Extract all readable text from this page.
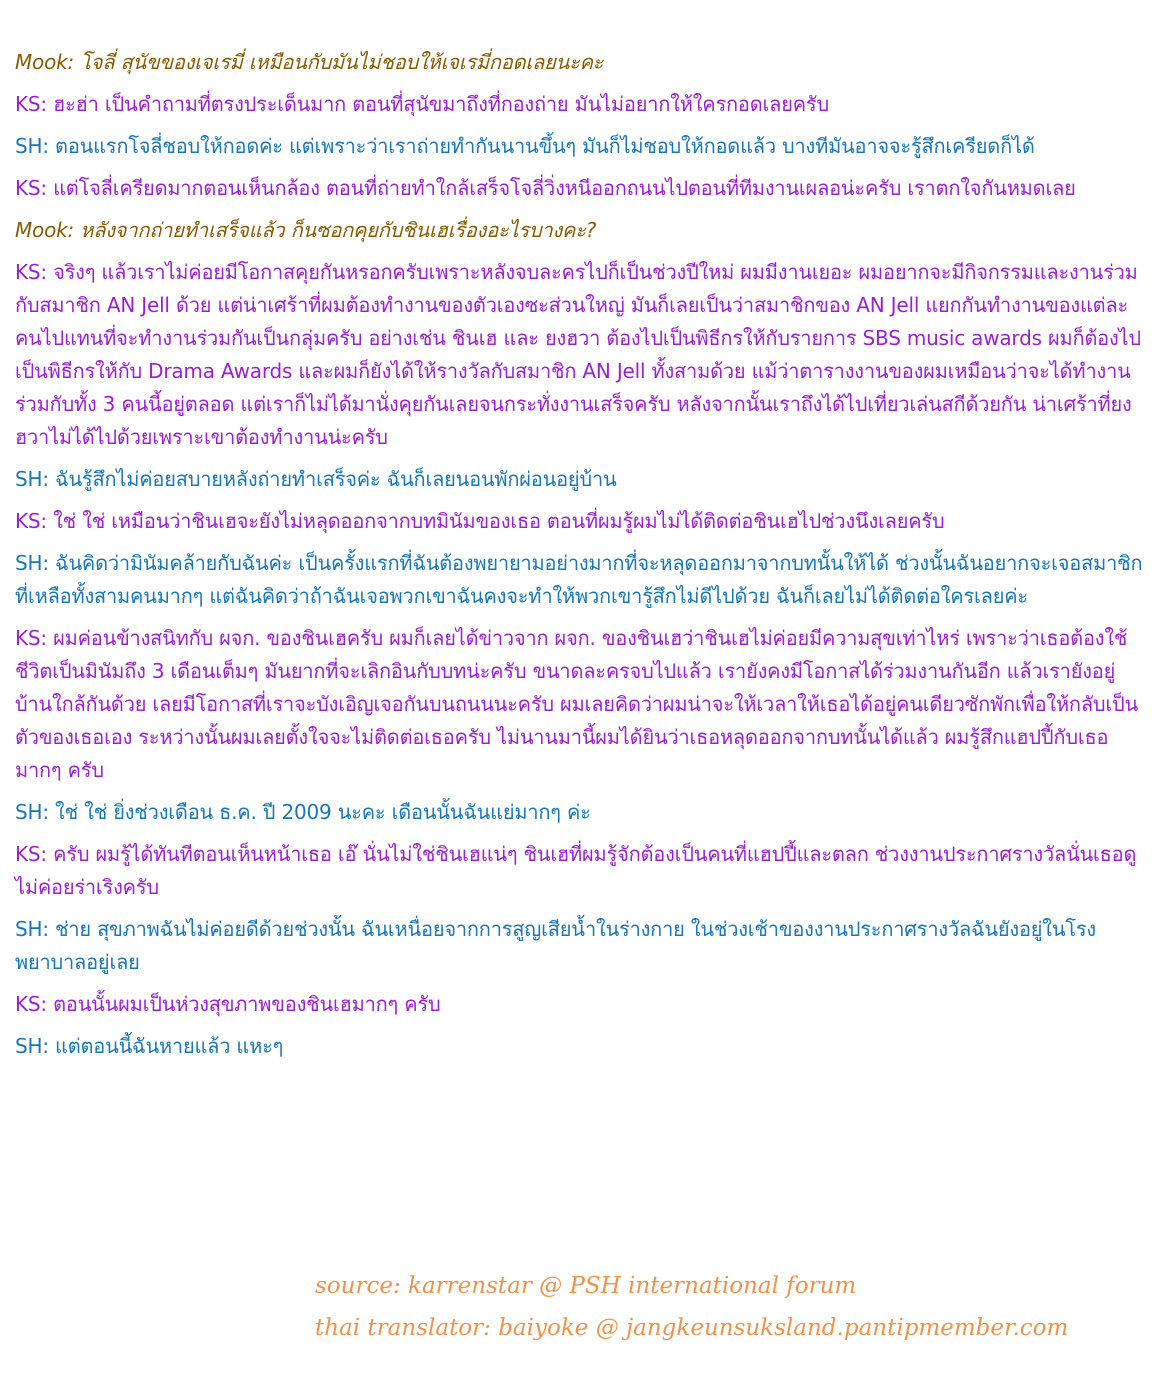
Mook: โจลี่ สุนัขของเจเรมี่ เหมือนกับมันไม่ชอบให้เจเรมี่กอดเลยนะคะ
KS: ฮะฮ่า เป็นคำถามที่ตรงประเด็นมาก ตอนที่สุนัขมาถึงที่กองถ่าย มันไม่อยากให้ใครกอดเลยครับ
SH: ตอนแรกโจลี่ชอบให้กอดค่ะ แต่เพราะว่าเราถ่ายทำกันนานขึ้นๆ มันก็ไม่ชอบให้กอดแล้ว บางทีมันอาจจะรู้สึกเครียดก็ได้
KS: แต่โจลี่เครียดมากตอนเห็นกล้อง ตอนที่ถ่ายทำใกล้เสร็จโจลี่วิ่งหนีออกถนนไปตอนที่ทีมงานเผลอน่ะครับ เราตกใจกันหมดเลย
Mook: หลังจากถ่ายทำเสร็จแล้ว ก็นซอกคุยกับชินเฮเรื่องอะไรบางคะ?
KS: จริงๆ แล้วเราไม่ค่อยมีโอกาสคุยกันหรอกครับเพราะหลังจบละครไปก็เป็นช่วงปีใหม่ ผมมีงานเยอะ ผมอยากจะมีกิจกรรมและงานร่วมกับสมาชิก AN Jell ด้วย แต่น่าเศร้าที่ผมต้องทำงานของตัวเองซะส่วนใหญ่ มันก็เลยเป็นว่าสมาชิกของ AN Jell แยกกันทำงานของแต่ละคนไปแทนที่จะทำงานร่วมกันเป็นกลุ่มครับ อย่างเช่น ชินเฮ และ ยงฮวา ต้องไปเป็นพิธีกรให้กับรายการ SBS music awards ผมก็ต้องไปเป็นพิธีกรให้กับ Drama Awards และผมก็ยังได้ให้รางวัลกับสมาชิก AN Jell ทั้งสามด้วย แม้ว่าตารางงานของผมเหมือนว่าจะได้ทำงานร่วมกับทั้ง 3 คนนี้อยู่ตลอด แต่เราก็ไม่ได้มานั่งคุยกันเลยจนกระทั่งงานเสร็จครับ หลังจากนั้นเราถึงได้ไปเที่ยวเล่นสกีด้วยกัน น่าเศร้าที่ยงฮวาไม่ได้ไปด้วยเพราะเขาต้องทำงานน่ะครับ
SH: ฉันรู้สึกไม่ค่อยสบายหลังถ่ายทำเสร็จค่ะ ฉันก็เลยนอนพักผ่อนอยู่บ้าน
KS: ใช่ ใช่ เหมือนว่าชินเฮจะยังไม่หลุดออกจากบทมินัมของเธอ ตอนที่ผมรู้ผมไม่ได้ติดต่อชินเฮไปช่วงนึงเลยครับ
SH: ฉันคิดว่ามินัมคล้ายกับฉันค่ะ เป็นครั้งแรกที่ฉันต้องพยายามอย่างมากที่จะหลุดออกมาจากบทนั้นให้ได้ ช่วงนั้นฉันอยากจะเจอสมาชิกที่เหลือทั้งสามคนมากๆ แต่ฉันคิดว่าถ้าฉันเจอพวกเขาฉันคงจะทำให้พวกเขารู้สึกไม่ดีไปด้วย ฉันก็เลยไม่ได้ติดต่อใครเลยค่ะ
KS: ผมค่อนข้างสนิทกับ ผจก. ของชินเฮครับ ผมก็เลยได้ข่าวจาก ผจก. ของชินเฮว่าชินเฮไม่ค่อยมีความสุขเท่าไหร่ เพราะว่าเธอต้องใช้ชีวิตเป็นมินัมถึง 3 เดือนเต็มๆ มันยากที่จะเลิกอินกับบทน่ะครับ ขนาดละครจบไปแล้ว เรายังคงมีโอกาสได้ร่วมงานกันอีก แล้วเรายังอยู่บ้านใกล้กันด้วย เลยมีโอกาสที่เราจะบังเอิญเจอกันบนถนนนะครับ ผมเลยคิดว่าผมน่าจะให้เวลาให้เธอได้อยู่คนเดียวซักพักเพื่อให้กลับเป็นตัวของเธอเอง ระหว่างนั้นผมเลยตั้งใจจะไม่ติดต่อเธอครับ ไม่นานมานี้ผมได้ยินว่าเธอหลุดออกจากบทนั้นได้แล้ว ผมรู้สึกแฮปปี้กับเธอมากๆ ครับ
SH: ใช่ ใช่ ยิ่งช่วงเดือน ธ.ค. ปี 2009 นะคะ เดือนนั้นฉันแย่มากๆ ค่ะ
KS: ครับ ผมรู้ได้ทันทีตอนเห็นหน้าเธอ เอ๊ นั่นไม่ใช่ชินเฮแน่ๆ ชินเฮที่ผมรู้จักต้องเป็นคนที่แฮปปี้และตลก ช่วงงานประกาศรางวัลนั่นเธอดูไม่ค่อยร่าเริงครับ
SH: ช่าย สุขภาพฉันไม่ค่อยดีด้วยช่วงนั้น ฉันเหนื่อยจากการสูญเสียน้ำในร่างกาย ในช่วงเช้าของงานประกาศรางวัลฉันยังอยู่ในโรงพยาบาลอยู่เลย
KS: ตอนนั้นผมเป็นห่วงสุขภาพของชินเฮมากๆ ครับ
SH: แต่ตอนนี้ฉันหายแล้ว แหะๆ
source: karrenstar @ PSH international forum
thai translator: baiyoke @ jangkeunsuksland.pantipmember.com
